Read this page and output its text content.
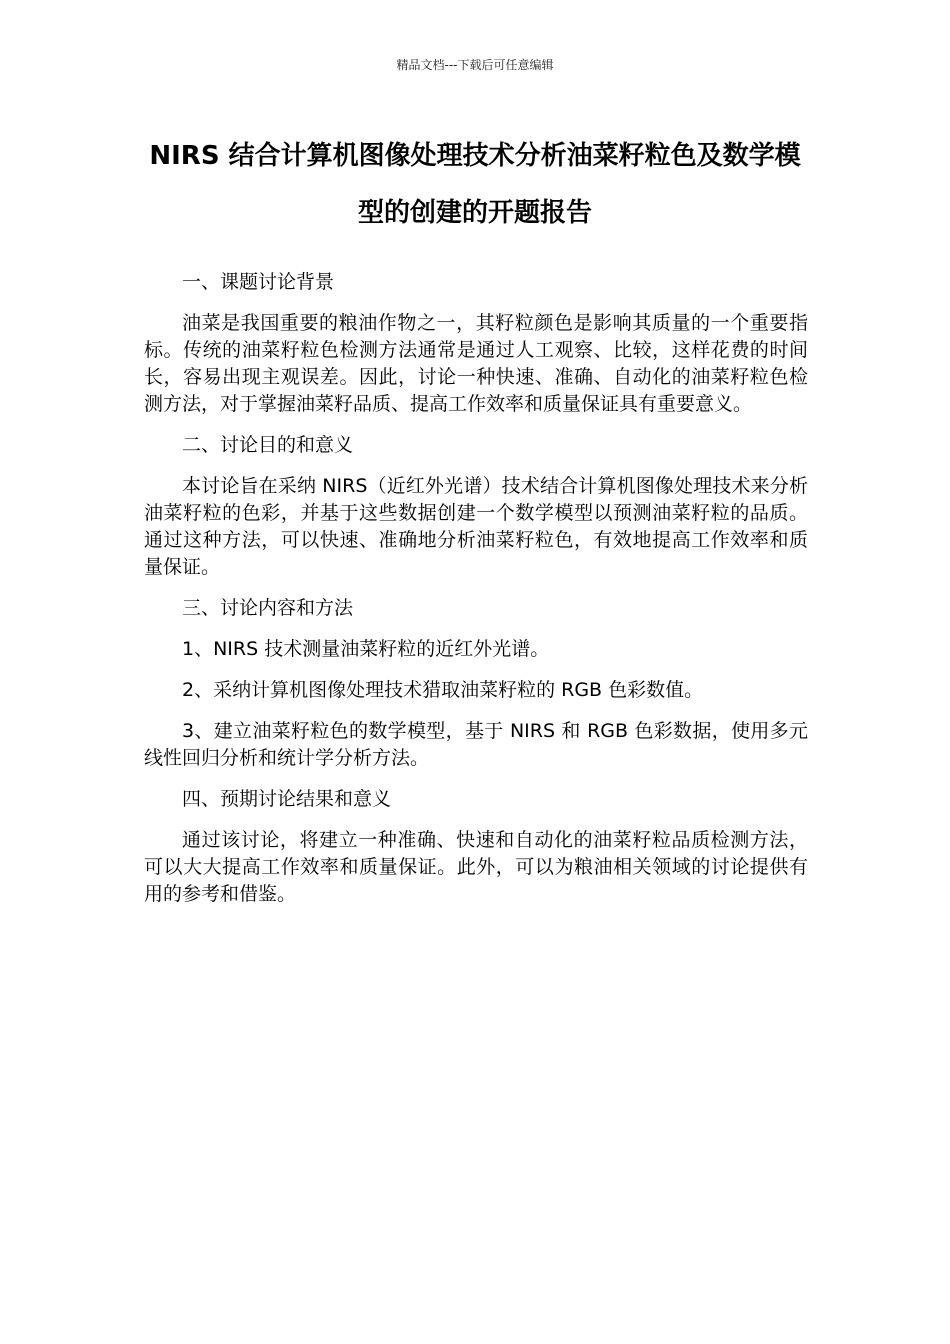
精品文档---下载后可任意编辑
NIRS 结合计算机图像处理技术分析油菜籽粒色及数学模型的创建的开题报告

一、课题讨论背景

油菜是我国重要的粮油作物之一，其籽粒颜色是影响其质量的一个重要指标。传统的油菜籽粒色检测方法通常是通过人工观察、比较，这样花费的时间长，容易出现主观误差。因此，讨论一种快速、准确、自动化的油菜籽粒色检测方法，对于掌握油菜籽品质、提高工作效率和质量保证具有重要意义。

二、讨论目的和意义

本讨论旨在采纳 NIRS（近红外光谱）技术结合计算机图像处理技术来分析油菜籽粒的色彩，并基于这些数据创建一个数学模型以预测油菜籽粒的品质。通过这种方法，可以快速、准确地分析油菜籽粒色，有效地提高工作效率和质量保证。

三、讨论内容和方法

1、NIRS 技术测量油菜籽粒的近红外光谱。

2、采纳计算机图像处理技术猎取油菜籽粒的 RGB 色彩数值。

3、建立油菜籽粒色的数学模型，基于 NIRS 和 RGB 色彩数据，使用多元线性回归分析和统计学分析方法。

四、预期讨论结果和意义

通过该讨论，将建立一种准确、快速和自动化的油菜籽粒品质检测方法，可以大大提高工作效率和质量保证。此外，可以为粮油相关领域的讨论提供有用的参考和借鉴。
